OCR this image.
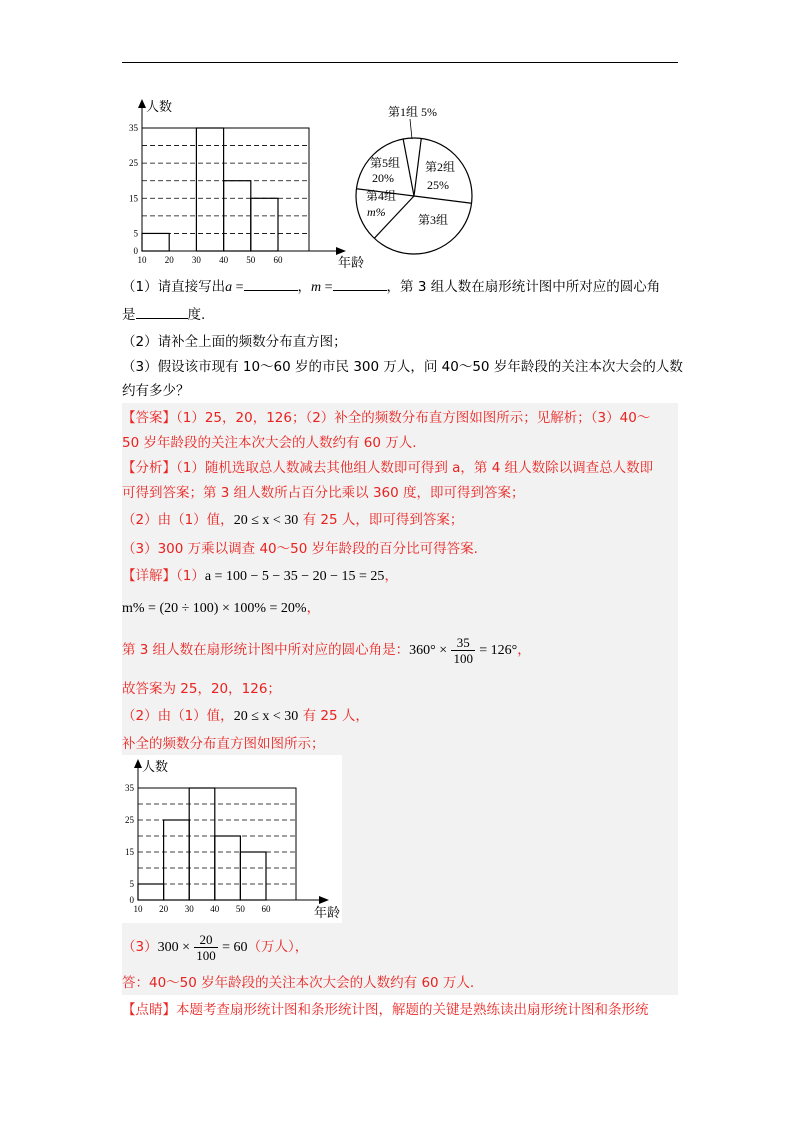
人数
年龄
0
5
15
25
35
10 20 30 40 50 60
第1组 5%
第2组
25%
第3组
第4组
m%
第5组
20%
（1）请直接写出a =	，m =	，第 3 组人数在扇形统计图中所对应的圆心角
是	度.
（2）请补全上面的频数分布直方图；
（3）假设该市现有 10～60 岁的市民 300 万人，问 40～50 岁年龄段的关注本次大会的人数
约有多少？
【答案】（1）25，20，126；（2）补全的频数分布直方图如图所示；见解析；（3）40～
50 岁年龄段的关注本次大会的人数约有 60 万人.
【分析】（1）随机选取总人数减去其他组人数即可得到 a，第 4 组人数除以调查总人数即
可得到答案；第 3 组人数所占百分比乘以 360 度，即可得到答案；
（2）由（1）值，20 ≤ x < 30 有 25 人，即可得到答案；
（3）300 万乘以调查 40～50 岁年龄段的百分比可得答案.
【详解】（1）a = 100 − 5 − 35 − 20 − 15 = 25，
m% = (20 ÷ 100) × 100% = 20%，
第 3 组人数在扇形统计图中所对应的圆心角是：$360^\circ \times \frac{35}{100} = 126^\circ$，
故答案为 25，20，126；
（2）由（1）值，20 ≤ x < 30 有 25 人，
补全的频数分布直方图如图所示；
人数
年龄
0
5
15
25
35
10 20 30 40 50 60
$(3)300 \times \frac{20}{100} = 60$（万人），
答：40～50 岁年龄段的关注本次大会的人数约有 60 万人.
【点睛】本题考查扇形统计图和条形统计图，解题的关键是熟练读出扇形统计图和条形统
